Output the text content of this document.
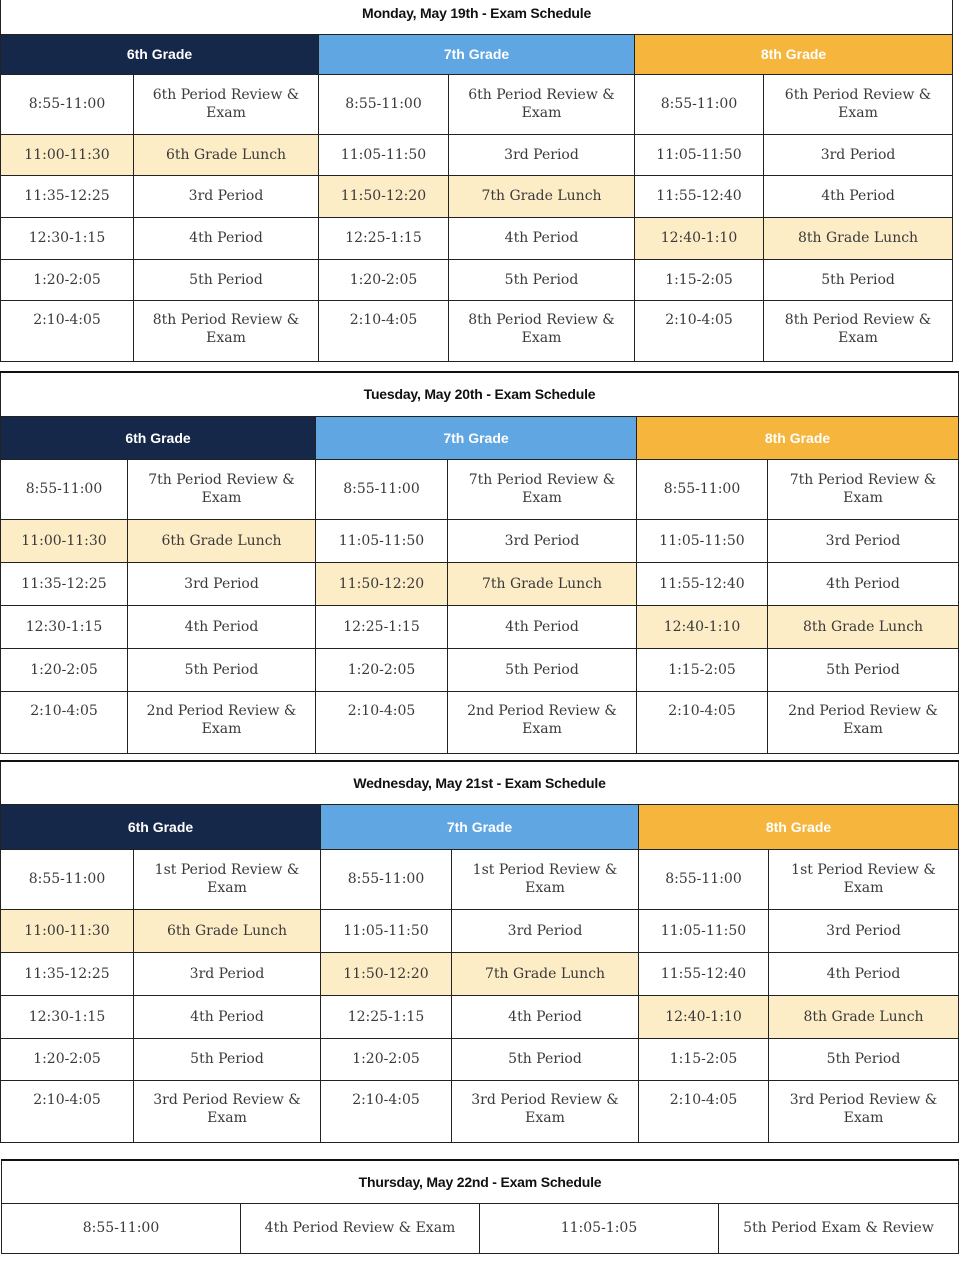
Monday, May 19th - Exam Schedule					
6th Grade		7th Grade		8th Grade	
8:55-11:00	6th Period Review & Exam	8:55-11:00	6th Period Review & Exam	8:55-11:00	6th Period Review & Exam
11:00-11:30	6th Grade Lunch	11:05-11:50	3rd Period	11:05-11:50	3rd Period
11:35-12:25	3rd Period	11:50-12:20	7th Grade Lunch	11:55-12:40	4th Period
12:30-1:15	4th Period	12:25-1:15	4th Period	12:40-1:10	8th Grade Lunch
1:20-2:05	5th Period	1:20-2:05	5th Period	1:15-2:05	5th Period
2:10-4:05	8th Period Review & Exam	2:10-4:05	8th Period Review & Exam	2:10-4:05	8th Period Review & Exam
Tuesday, May 20th - Exam Schedule					
6th Grade		7th Grade		8th Grade	
8:55-11:00	7th Period Review & Exam	8:55-11:00	7th Period Review & Exam	8:55-11:00	7th Period Review & Exam
11:00-11:30	6th Grade Lunch	11:05-11:50	3rd Period	11:05-11:50	3rd Period
11:35-12:25	3rd Period	11:50-12:20	7th Grade Lunch	11:55-12:40	4th Period
12:30-1:15	4th Period	12:25-1:15	4th Period	12:40-1:10	8th Grade Lunch
1:20-2:05	5th Period	1:20-2:05	5th Period	1:15-2:05	5th Period
2:10-4:05	2nd Period Review & Exam	2:10-4:05	2nd Period Review & Exam	2:10-4:05	2nd Period Review & Exam
Wednesday, May 21st - Exam Schedule					
6th Grade		7th Grade		8th Grade	
8:55-11:00	1st Period Review & Exam	8:55-11:00	1st Period Review & Exam	8:55-11:00	1st Period Review & Exam
11:00-11:30	6th Grade Lunch	11:05-11:50	3rd Period	11:05-11:50	3rd Period
11:35-12:25	3rd Period	11:50-12:20	7th Grade Lunch	11:55-12:40	4th Period
12:30-1:15	4th Period	12:25-1:15	4th Period	12:40-1:10	8th Grade Lunch
1:20-2:05	5th Period	1:20-2:05	5th Period	1:15-2:05	5th Period
2:10-4:05	3rd Period Review & Exam	2:10-4:05	3rd Period Review & Exam	2:10-4:05	3rd Period Review & Exam
Thursday, May 22nd - Exam Schedule
8:55-11:00	4th Period Review & Exam	11:05-1:05	5th Period Exam & Review
